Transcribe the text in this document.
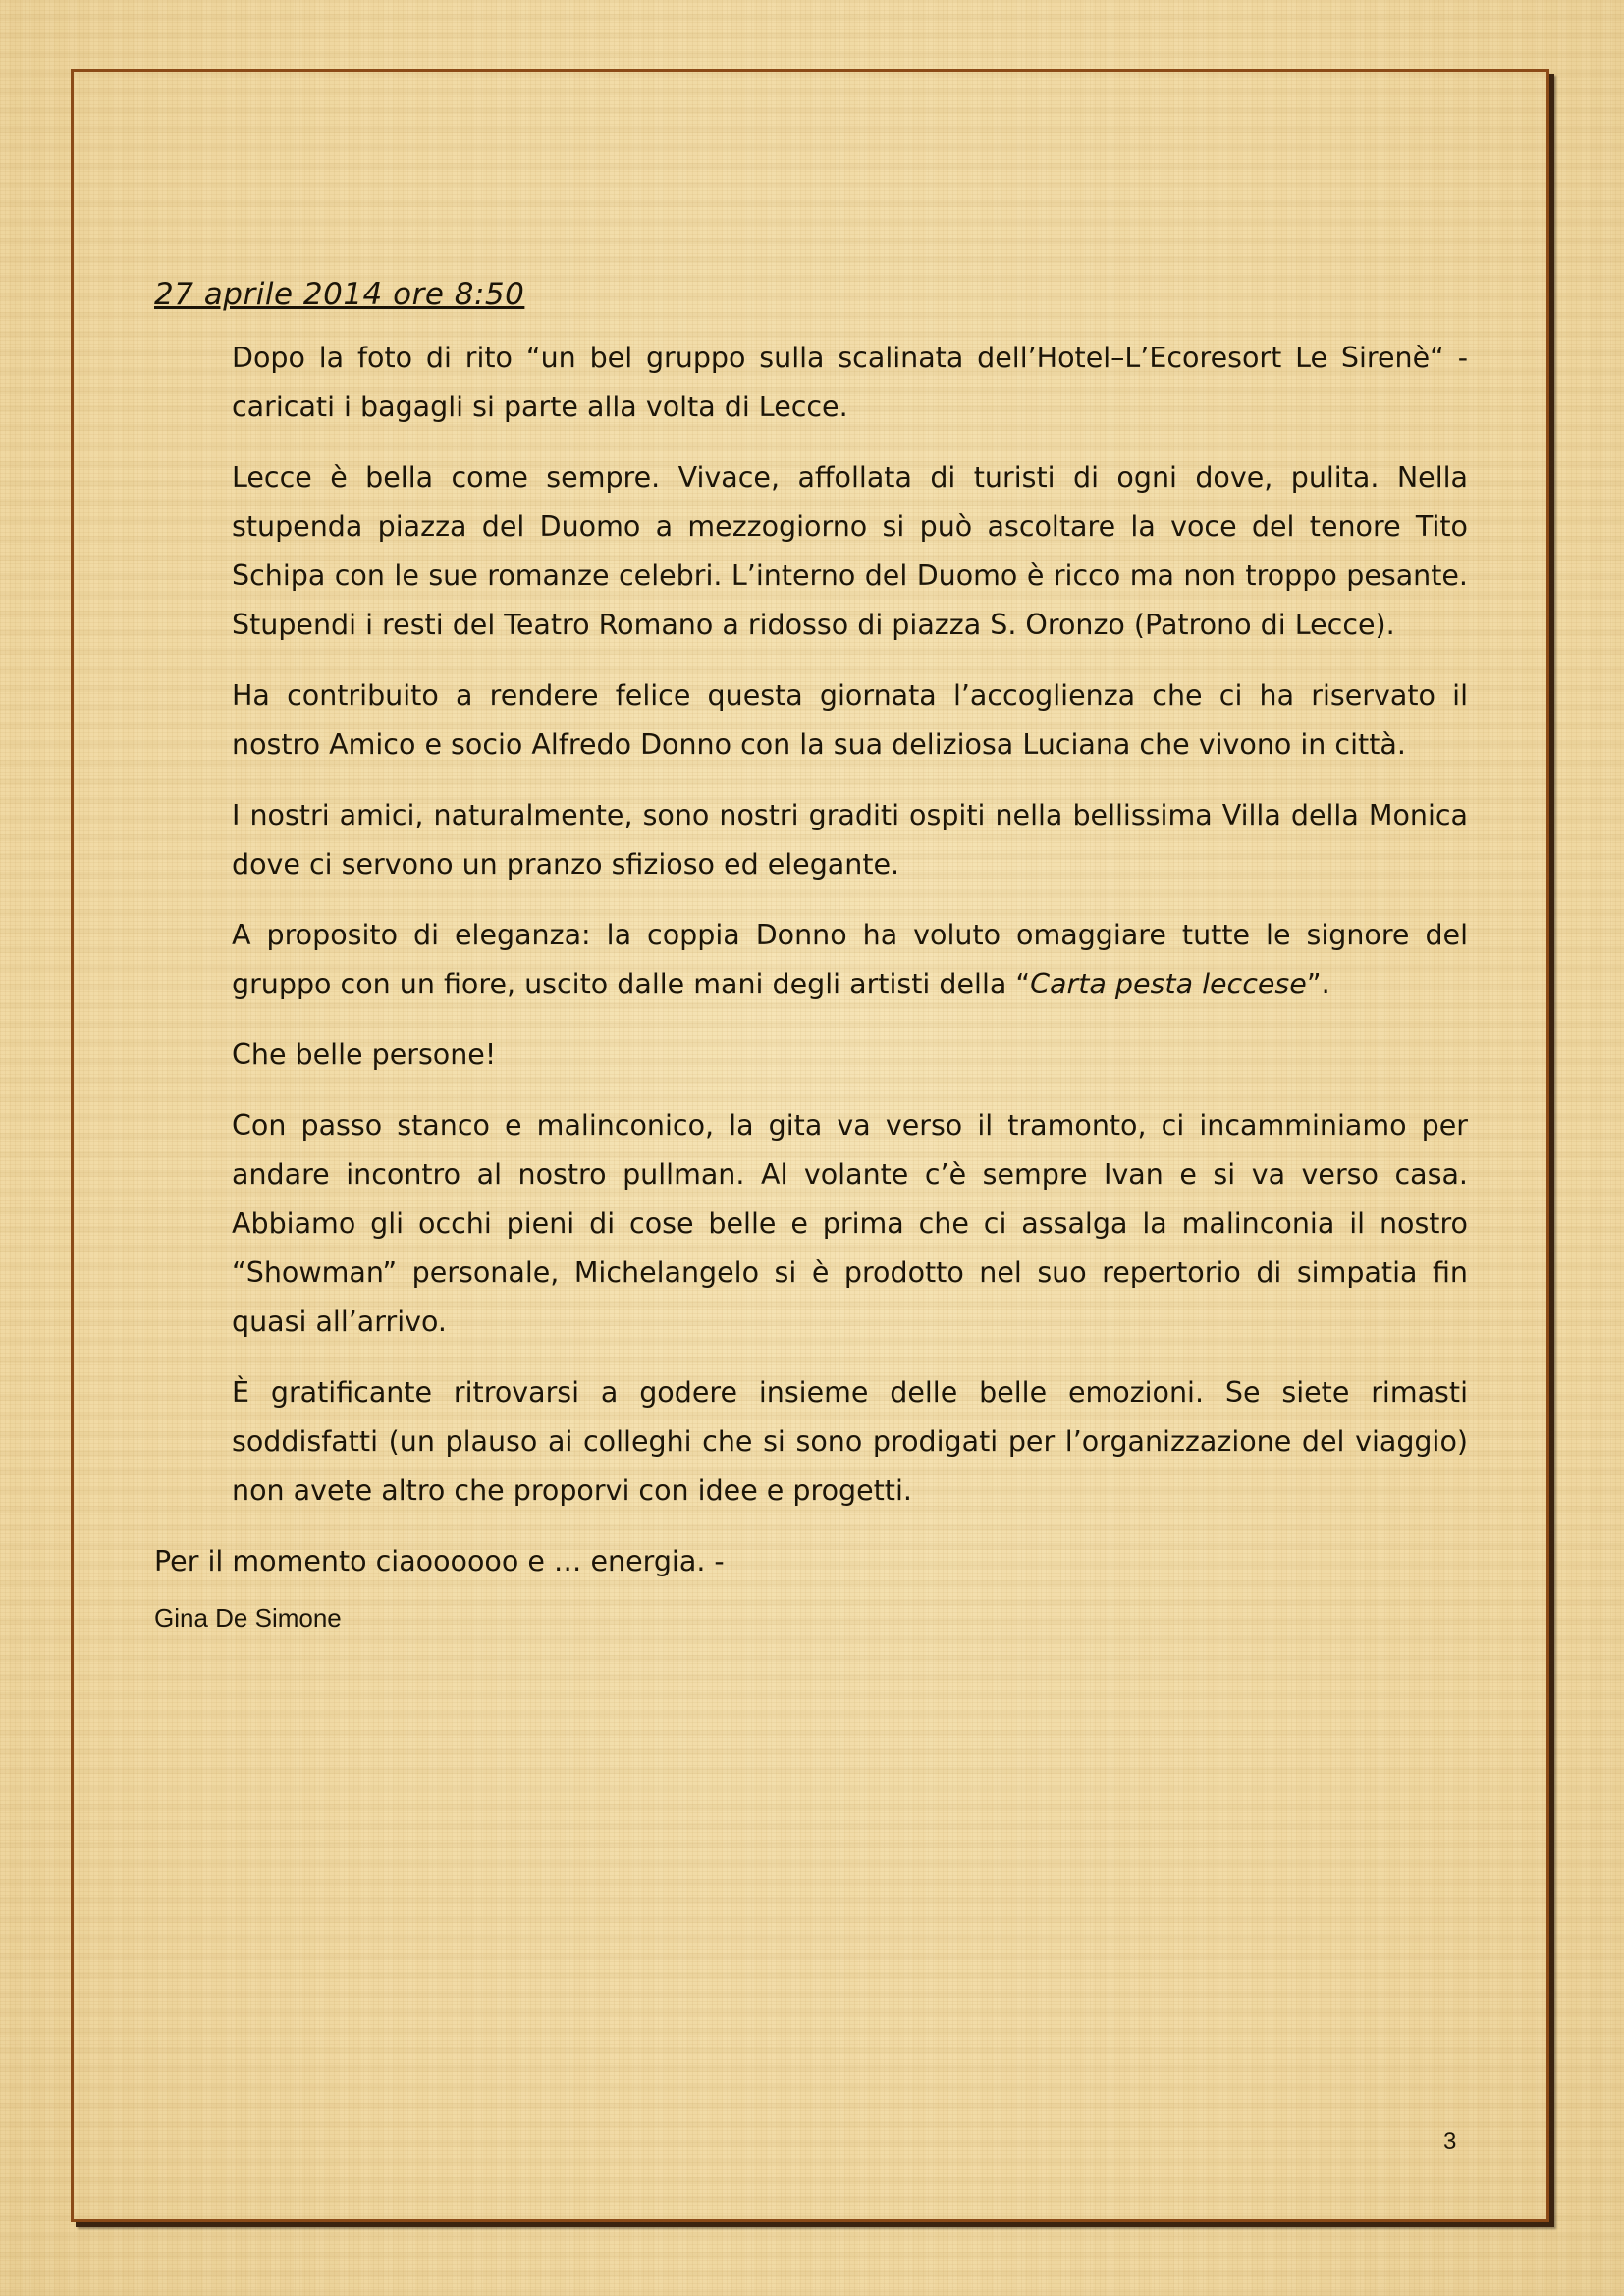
27 aprile 2014 ore 8:50

Dopo la foto di rito “un bel gruppo sulla scalinata dell’Hotel–L’Ecoresort Le Sirenè“ - caricati i bagagli si parte alla volta di Lecce.

Lecce è bella come sempre. Vivace, affollata di turisti di ogni dove, pulita. Nella stupenda piazza del Duomo a mezzogiorno si può ascoltare la voce del tenore Tito Schipa con le sue romanze celebri. L’interno del Duomo è ricco ma non troppo pesante. Stupendi i resti del Teatro Romano a ridosso di piazza S. Oronzo (Patrono di Lecce).

Ha contribuito a rendere felice questa giornata l’accoglienza che ci ha riservato il nostro Amico e socio Alfredo Donno con la sua deliziosa Luciana che vivono in città.

I nostri amici, naturalmente, sono nostri graditi ospiti nella bellissima Villa della Monica dove ci servono un pranzo sfizioso ed elegante.

A proposito di eleganza: la coppia Donno ha voluto omaggiare tutte le signore del gruppo con un fiore, uscito dalle mani degli artisti della “Carta pesta leccese”.

Che belle persone!

Con passo stanco e malinconico, la gita va verso il tramonto, ci incamminiamo per andare incontro al nostro pullman. Al volante c’è sempre Ivan e si va verso casa. Abbiamo gli occhi pieni di cose belle e prima che ci assalga la malinconia il nostro “Showman” personale, Michelangelo si è prodotto nel suo repertorio di simpatia fin quasi all’arrivo.

È gratificante ritrovarsi a godere insieme delle belle emozioni. Se siete rimasti soddisfatti (un plauso ai colleghi che si sono prodigati per l’organizzazione del viaggio) non avete altro che proporvi con idee e progetti.

Per il momento ciaoooooo e … energia. -

Gina De Simone

3
